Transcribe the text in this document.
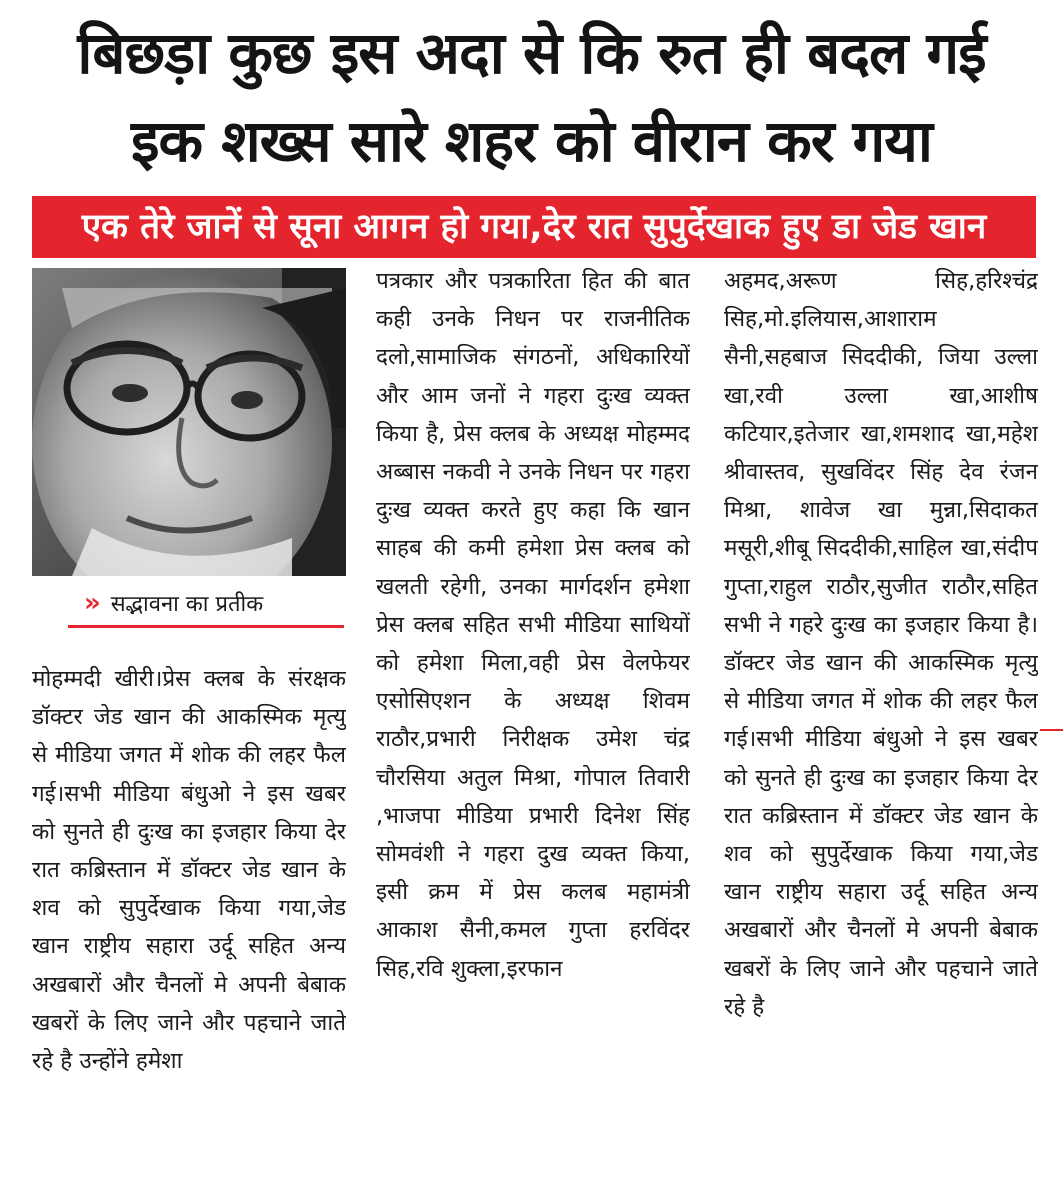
बिछड़ा कुछ इस अदा से कि रुत ही बदल गई
इक शख्स सारे शहर को वीरान कर गया
एक तेरे जानें से सूना आगन हो गया,देर रात सुपुर्देखाक हुए डा जेड खान
» सद्भावना का प्रतीक
मोहम्मदी खीरी।प्रेस क्लब के संरक्षक डॉक्टर जेड खान की आकस्मिक मृत्यु से मीडिया जगत में शोक की लहर फैल गई।सभी मीडिया बंधुओ ने इस खबर को सुनते ही दुःख का इजहार किया देर रात कब्रिस्तान में डॉक्टर जेड खान के शव को सुपुर्देखाक किया गया,जेड खान राष्ट्रीय सहारा उर्दू सहित अन्य अखबारों और चैनलों मे अपनी बेबाक खबरों के लिए जाने और पहचाने जाते रहे है उन्होंने हमेशा
पत्रकार और पत्रकारिता हित की बात कही उनके निधन पर राजनीतिक दलो,सामाजिक संगठनों, अधिकारियों और आम जनों ने गहरा दुःख व्यक्त किया है, प्रेस क्लब के अध्यक्ष मोहम्मद अब्बास नकवी ने उनके निधन पर गहरा दुःख व्यक्त करते हुए कहा कि खान साहब की कमी हमेशा प्रेस क्लब को खलती रहेगी, उनका मार्गदर्शन हमेशा प्रेस क्लब सहित सभी मीडिया साथियों को हमेशा मिला,वही प्रेस वेलफेयर एसोसिएशन के अध्यक्ष शिवम राठौर,प्रभारी निरीक्षक उमेश चंद्र चौरसिया अतुल मिश्रा, गोपाल तिवारी ,भाजपा मीडिया प्रभारी दिनेश सिंह सोमवंशी ने गहरा दुख व्यक्त किया, इसी क्रम में प्रेस कलब महामंत्री आकाश सैनी,कमल गुप्ता हरविंदर सिह,रवि शुक्ला,इरफान
अहमद,अरूण सिह,हरिश्चंद्र सिह,मो.इलियास,आशाराम सैनी,सहबाज सिददीकी, जिया उल्ला खा,रवी उल्ला खा,आशीष कटियार,इतेजार खा,शमशाद खा,महेश श्रीवास्तव, सुखविंदर सिंह देव रंजन मिश्रा, शावेज खा मुन्ना,सिदाकत मसूरी,शीबू सिददीकी,साहिल खा,संदीप गुप्ता,राहुल राठौर,सुजीत राठौर,सहित सभी ने गहरे दुःख का इजहार किया है।डॉक्टर जेड खान की आकस्मिक मृत्यु से मीडिया जगत में शोक की लहर फैल गई।सभी मीडिया बंधुओ ने इस खबर को सुनते ही दुःख का इजहार किया देर रात कब्रिस्तान में डॉक्टर जेड खान के शव को सुपुर्देखाक किया गया,जेड खान राष्ट्रीय सहारा उर्दू सहित अन्य अखबारों और चैनलों मे अपनी बेबाक खबरों के लिए जाने और पहचाने जाते रहे है
